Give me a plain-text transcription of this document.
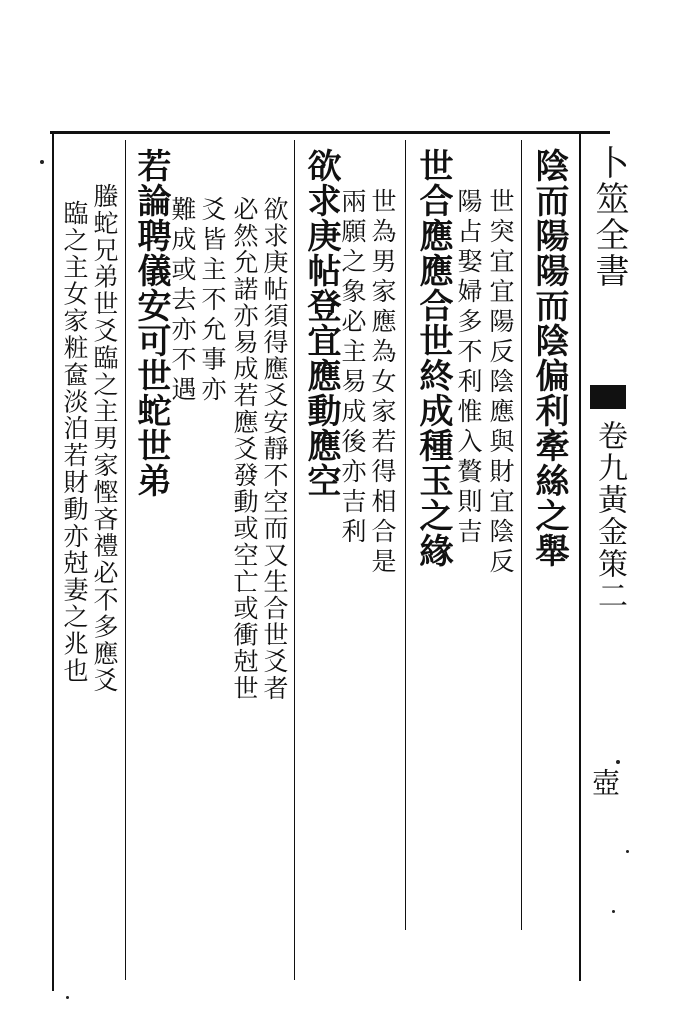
卜筮全書
卷九黃金策二
壺
陰而陽陽而陰偏利牽絲之舉
世突宜宜陽反陰應與財宜陰反
陽占娶婦多不利惟入贅則吉
世合應應合世終成種玉之緣
世為男家應為女家若得相合是
兩願之象必主易成後亦吉利
欲求庚帖登宜應動應空
欲求庚帖須得應爻安靜不空而又生合世爻者
必然允諾亦易成若應爻發動或空亡或衝尅世
爻皆主不允事亦
難成或去亦不遇
若論聘儀安可世蛇世弟
螣蛇兄弟世爻臨之主男家慳吝禮必不多應爻
臨之主女家粧奩淡泊若財動亦尅妻之兆也
